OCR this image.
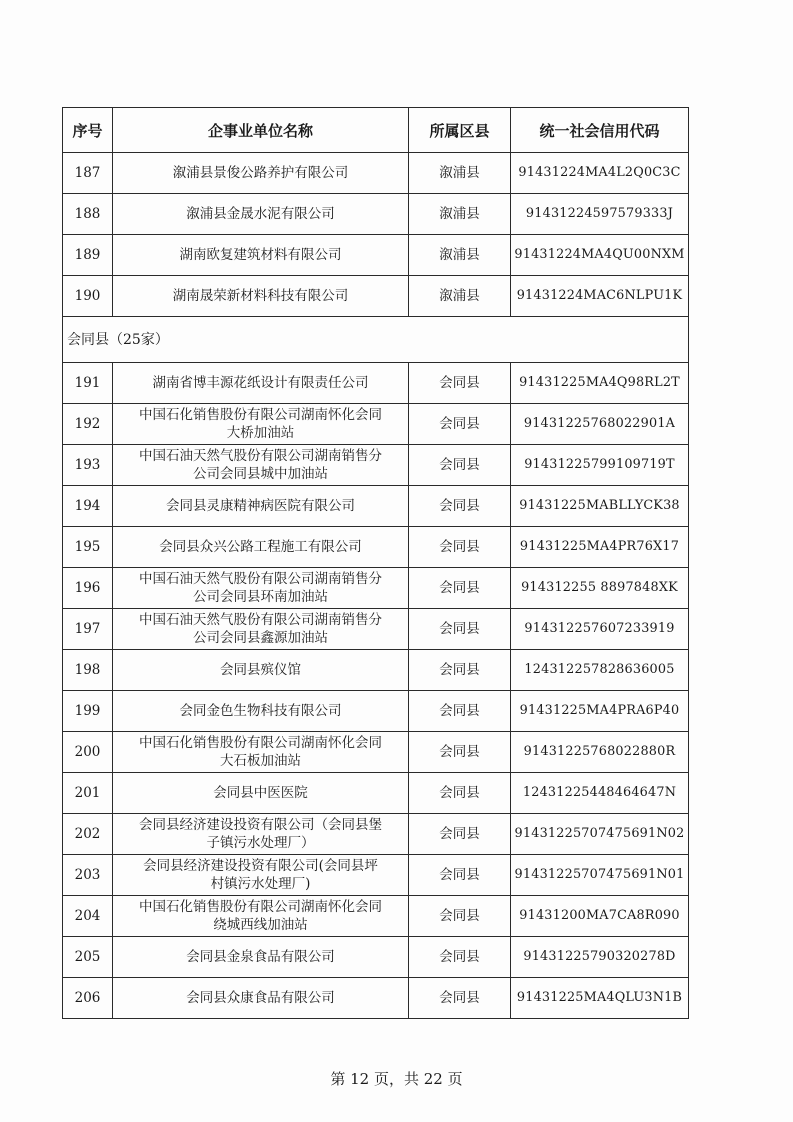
序号	企事业单位名称	所属区县	统一社会信用代码
187	溆浦县景俊公路养护有限公司	溆浦县	91431224MA4L2Q0C3C
188	溆浦县金晟水泥有限公司	溆浦县	91431224597579333J
189	湖南欧复建筑材料有限公司	溆浦县	91431224MA4QU00NXM
190	湖南晟荣新材料科技有限公司	溆浦县	91431224MAC6NLPU1K
会同县（25家）			
191	湖南省博丰源花纸设计有限责任公司	会同县	91431225MA4Q98RL2T
192	中国石化销售股份有限公司湖南怀化会同
大桥加油站	会同县	91431225768022901A
193	中国石油天然气股份有限公司湖南销售分
公司会同县城中加油站	会同县	91431225799109719T
194	会同县灵康精神病医院有限公司	会同县	91431225MABLLYCK38
195	会同县众兴公路工程施工有限公司	会同县	91431225MA4PR76X17
196	中国石油天然气股份有限公司湖南销售分
公司会同县环南加油站	会同县	914312255 8897848XK
197	中国石油天然气股份有限公司湖南销售分
公司会同县鑫源加油站	会同县	914312257607233919
198	会同县殡仪馆	会同县	124312257828636005
199	会同金色生物科技有限公司	会同县	91431225MA4PRA6P40
200	中国石化销售股份有限公司湖南怀化会同
大石板加油站	会同县	91431225768022880R
201	会同县中医医院	会同县	12431225448464647N
202	会同县经济建设投资有限公司（会同县堡
子镇污水处理厂）	会同县	91431225707475691N02
203	会同县经济建设投资有限公司(会同县坪
村镇污水处理厂)	会同县	91431225707475691N01
204	中国石化销售股份有限公司湖南怀化会同
绕城西线加油站	会同县	91431200MA7CA8R090
205	会同县金泉食品有限公司	会同县	91431225790320278D
206	会同县众康食品有限公司	会同县	91431225MA4QLU3N1B
第 12 页，共 22 页
